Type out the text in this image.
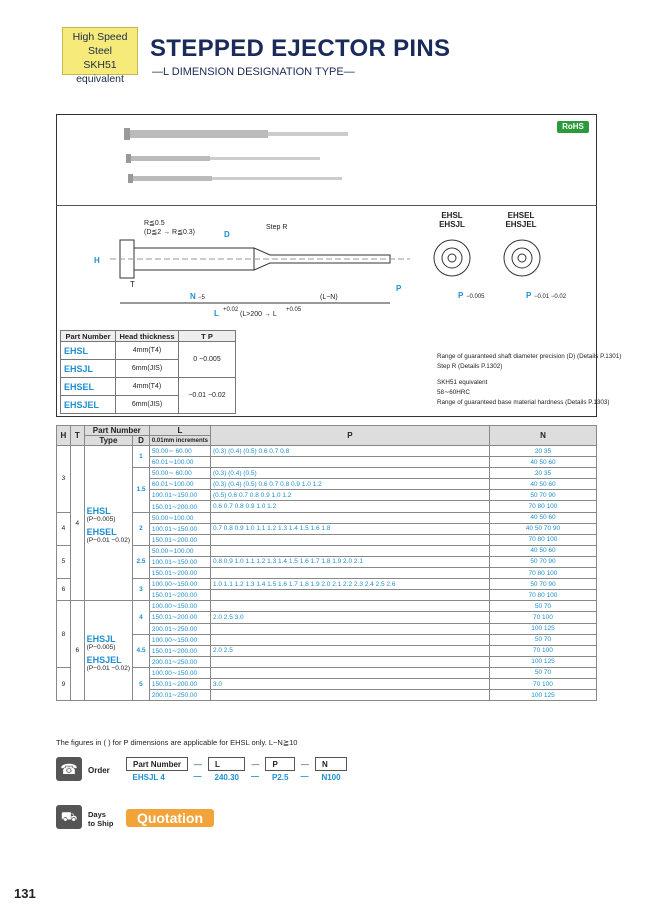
High Speed Steel
SKH51
equivalent
STEPPED EJECTOR PINS
—L DIMENSION DESIGNATION TYPE—
RoHS
R≦0.5
(D≦2 → R≦0.3)
Step R
H
T
N −5
L +0.02
(L>200 → L
+0.05
(L−N)
D
P
EHSL
EHSJL
EHSEL
EHSJEL
P −0.005	P −0.01 −0.02
Part Number	Head thickness	T P
EHSL	4mm(T4)	0 −0.005
EHSJL	6mm(JIS)	
EHSEL	4mm(T4)	−0.01 −0.02
EHSJEL	6mm(JIS)	
Range of guaranteed shaft diameter precision (D) (Details P.1301)
Step R (Details P.1302)
SKH51 equivalent
58∼60HRC
Range of guaranteed base material hardness (Details P.1303)
H	T	Part Number		L	P	N
		Type	D	0.01mm increments		
3	4	EHSL
(P−0.005)
EHSEL
(P−0.01 −0.02)	1	50.00∼ 60.00	(0.3) (0.4) (0.5) 0.6 0.7 0.8	20 35
				60.01∼100.00		40 50 60
			1.5	50.00∼ 60.00	(0.3) (0.4) (0.5)	20 35
				60.01∼100.00	(0.3) (0.4) (0.5) 0.6 0.7 0.8 0.9 1.0 1.2	40 50 60
				100.01∼150.00	(0.5) 0.6 0.7 0.8 0.9 1.0 1.2	50 70 90
				150.01∼200.00	0.6 0.7 0.8 0.9 1.0 1.2	70 80 100
4			2	50.00∼100.00		40 50 60
				100.01∼150.00	0.7 0.8 0.9 1.0 1.1 1.2 1.3 1.4 1.5 1.6 1.8	40 50 70 90
				150.01∼200.00		70 80 100
5			2.5	50.00∼100.00		40 50 60
				100.01∼150.00	0.8 0.9 1.0 1.1 1.2 1.3 1.4 1.5 1.6 1.7 1.8 1.9 2.0 2.1	50 70 90
				150.01∼200.00		70 80 100
6			3	100.00∼150.00	1.0 1.1 1.2 1.3 1.4 1.5 1.6 1.7 1.8 1.9 2.0 2.1 2.2 2.3 2.4 2.5 2.6	50 70 90
				150.01∼200.00		70 80 100
8	6	EHSJL
(P−0.005)
EHSJEL
(P−0.01 −0.02)	4	100.00∼150.00		50 70
				150.01∼200.00	2.0 2.5 3.0	70 100
				200.01∼250.00		100 125
			4.5	100.00∼150.00		50 70
				150.01∼200.00	2.0 2.5	70 100
				200.01∼250.00		100 125
9			5	100.00∼150.00		50 70
				150.01∼200.00	3.0	70 100
				200.01∼250.00		100 125
The figures in ( ) for P dimensions are applicable for EHSL only. L−N≧10
☎	Order
Part Number	—	L	—	P	—	N
EHSJL 4	—	240.30	—	P2.5	—	N100
⛟	Days
to Ship	Quotation
131
